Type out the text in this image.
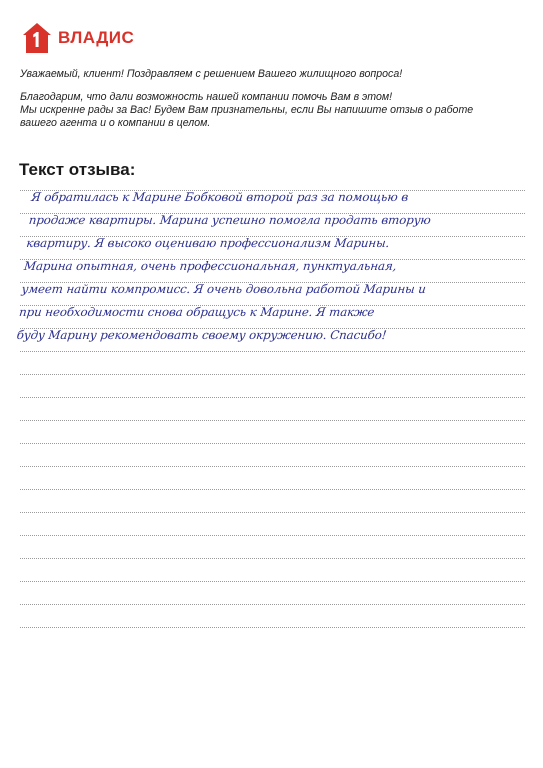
ВЛАДИС

Уважаемый, клиент! Поздравляем с решением Вашего жилищного вопроса!

Благодарим, что дали возможность нашей компании помочь Вам в этом!

Мы искренне рады за Вас! Будем Вам признательны, если Вы напишите отзыв о работе

вашего агента и о компании в целом.

Текст отзыва:
Я обратилась к Марине Бобковой второй раз за помощью в
продаже квартиры. Марина успешно помогла продать вторую
квартиру. Я высоко оцениваю профессионализм Марины.
Марина опытная, очень профессиональная, пунктуальная,
умеет найти компромисс. Я очень довольна работой Марины и
при необходимости снова обращусь к Марине. Я также
буду Марину рекомендовать своему окружению. Спасибо!
